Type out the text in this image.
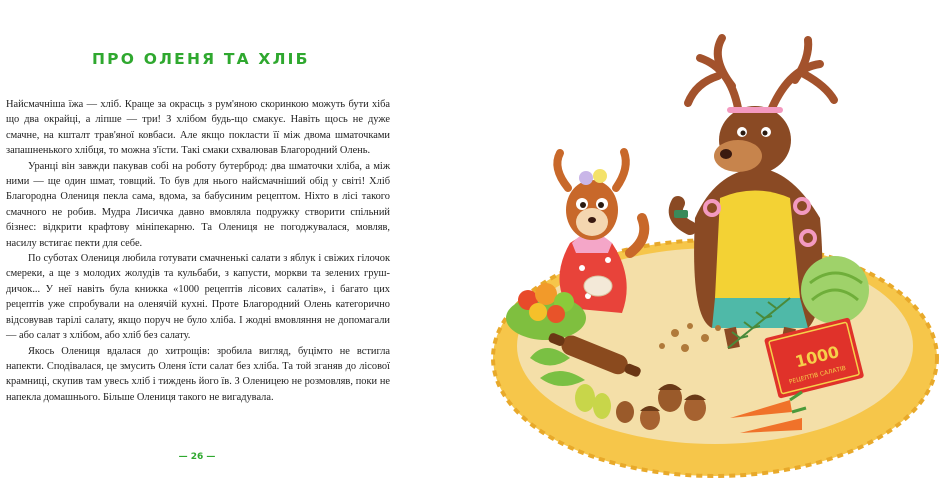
ПРО ОЛЕНЯ ТА ХЛІБ

Найсмачніша їжа — хліб. Краще за окрасць з рум'яною скоринкою можуть бути хіба що два окрайці, а ліпше — три! З хлібом будь-що смакує. Навіть щось не дуже смачне, на кшталт трав'яної ковбаси. Але якщо покласти її між двома шматочками запашненького хлібця, то можна з'їсти. Такі смаки схвалював Благородний Олень.

Уранці він завжди пакував собі на роботу бутерброд: два шматочки хліба, а між ними — ще один шмат, товщий. То був для нього найсмачніший обід у світі! Хліб Благородна Олениця пекла сама, вдома, за бабусиним рецептом. Ніхто в лісі такого смачного не робив. Мудра Лисичка давно вмовляла подружку створити спільний бізнес: відкрити крафтову мініпекарню. Та Олениця не погоджувалася, мовляв, насилу встигає пекти для себе.

По суботах Олениця любила готувати смачненькі салати з яблук і свіжих гілочок смереки, а ще з молодих жолудів та кульбаби, з капусти, моркви та зелених груш-дичок... У неї навіть була книжка «1000 рецептів лісових салатів», і багато цих рецептів уже спробували на оленячій кухні. Проте Благородний Олень категорично відсовував тарілі салату, якщо поруч не було хліба. І жодні вмовляння не допомагали — або салат з хлібом, або хліб без салату.

Якось Олениця вдалася до хитрощів: зробила вигляд, буцімто не встигла напекти. Сподівалася, це змусить Оленя їсти салат без хліба. Та той зганяв до лісової крамниці, скупив там увесь хліб і тиждень його їв. З Оленицею не розмовляв, поки не напекла домашнього. Більше Олениця такого не вигадувала.

— 26 —
1000
РЕЦЕПТІВ САЛАТІВ
